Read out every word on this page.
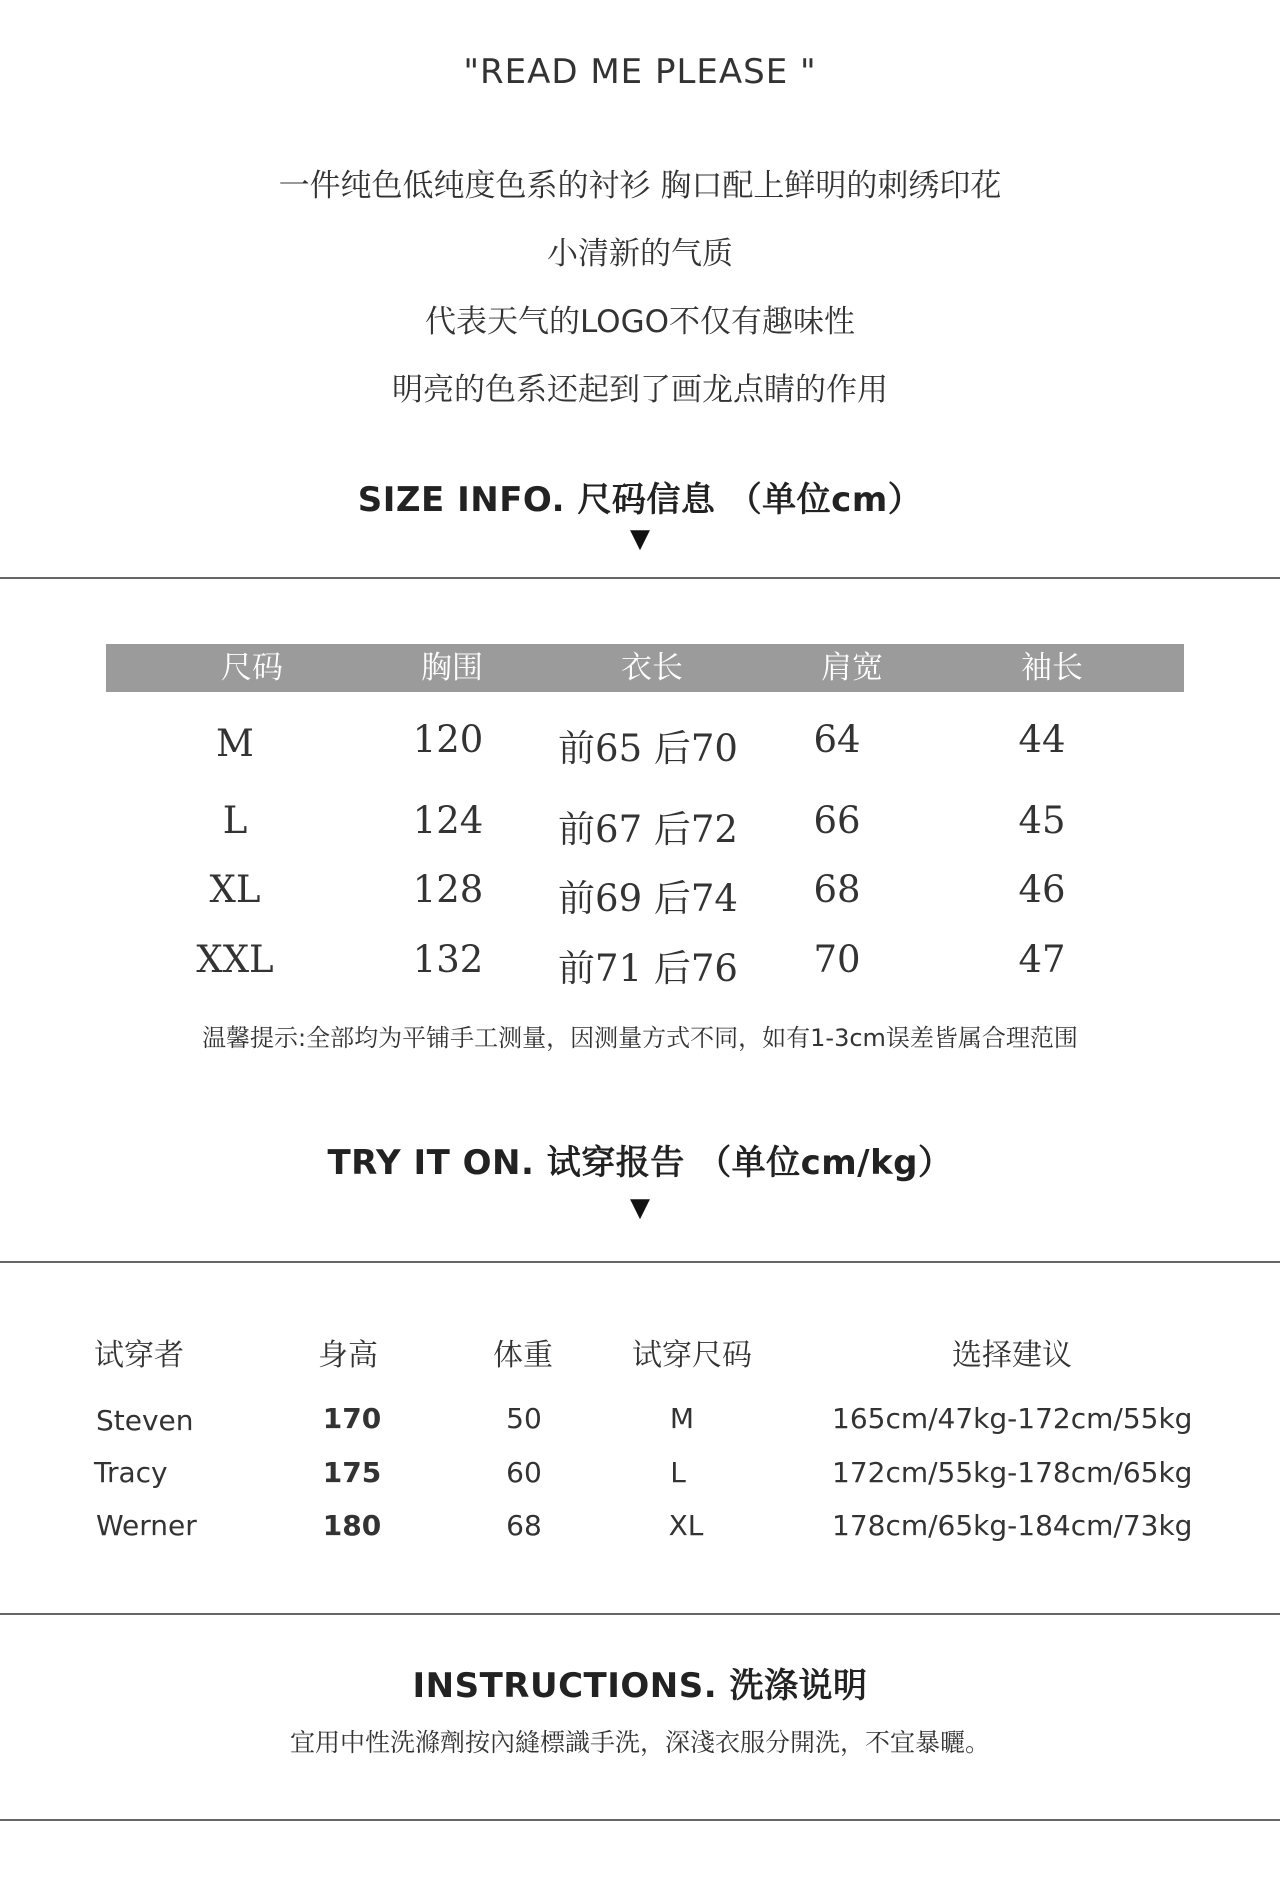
"READ ME PLEASE "
一件纯色低纯度色系的衬衫 胸口配上鲜明的刺绣印花
小清新的气质
代表天气的LOGO不仅有趣味性
明亮的色系还起到了画龙点睛的作用
SIZE INFO. 尺码信息 （单位cm）
▼
尺码	胸围	衣长	肩宽	袖长
M	120	前65 后70	64	44
L	124	前67 后72	66	45
XL	128	前69 后74	68	46
XXL	132	前71 后76	70	47
温馨提示:全部均为平铺手工测量，因测量方式不同，如有1-3cm误差皆属合理范围
TRY IT ON. 试穿报告 （单位cm/kg）
▼
试穿者	身高	体重	试穿尺码	选择建议
Steven	170	50	M	165cm/47kg-172cm/55kg
Tracy	175	60	L	172cm/55kg-178cm/65kg
Werner	180	68	XL	178cm/65kg-184cm/73kg
INSTRUCTIONS. 洗涤说明
宜用中性洗滌劑按內縫標識手洗，深淺衣服分開洗，不宜暴曬。
